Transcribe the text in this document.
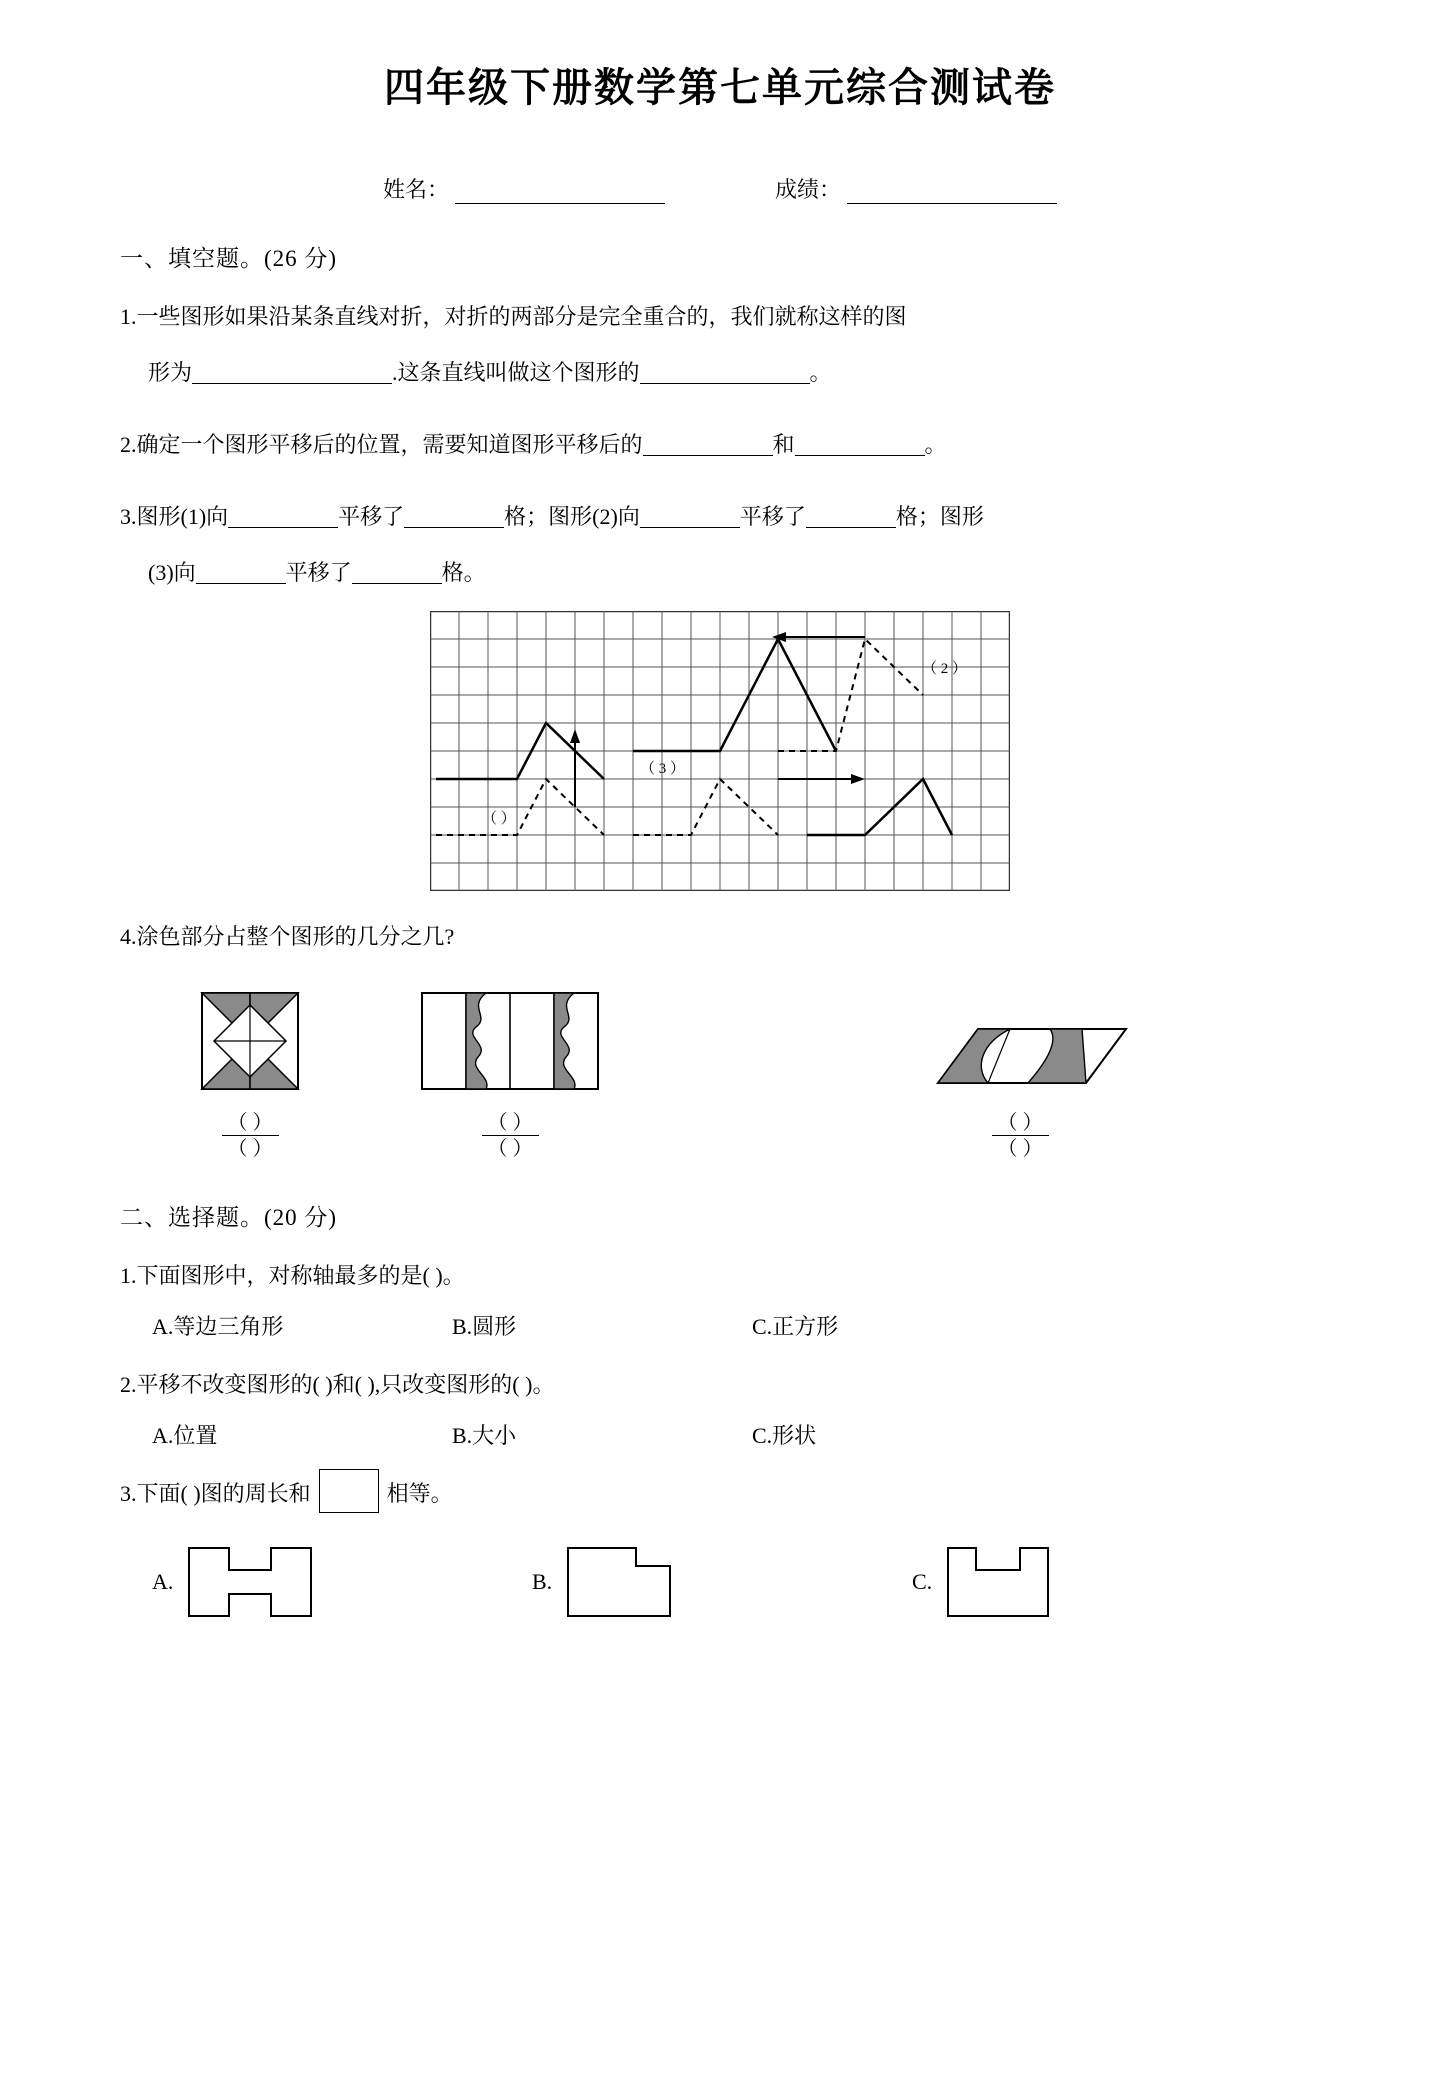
四年级下册数学第七单元综合测试卷
姓名：	成绩：
一、填空题。(26 分)
1.一些图形如果沿某条直线对折，对折的两部分是完全重合的，我们就称这样的图
形为	.这条直线叫做这个图形的	。
2.确定一个图形平移后的位置，需要知道图形平移后的	和	。
3.图形(1)向	平移了	格；图形(2)向	平移了	格；图形
(3)向	平移了	格。
（ ）
（ 2 ）
（ 3 ）
4.涂色部分占整个图形的几分之几?
$\frac{( )}{( )}$	$\frac{( )}{( )}$	$\frac{( )}{( )}$
二、选择题。(20 分)
1.下面图形中，对称轴最多的是( )。
A.等边三角形	B.圆形	C.正方形
2.平移不改变图形的( )和( ),只改变图形的( )。
A.位置	B.大小	C.形状
3.下面( )图的周长和	相等。
A.	B.	C.
